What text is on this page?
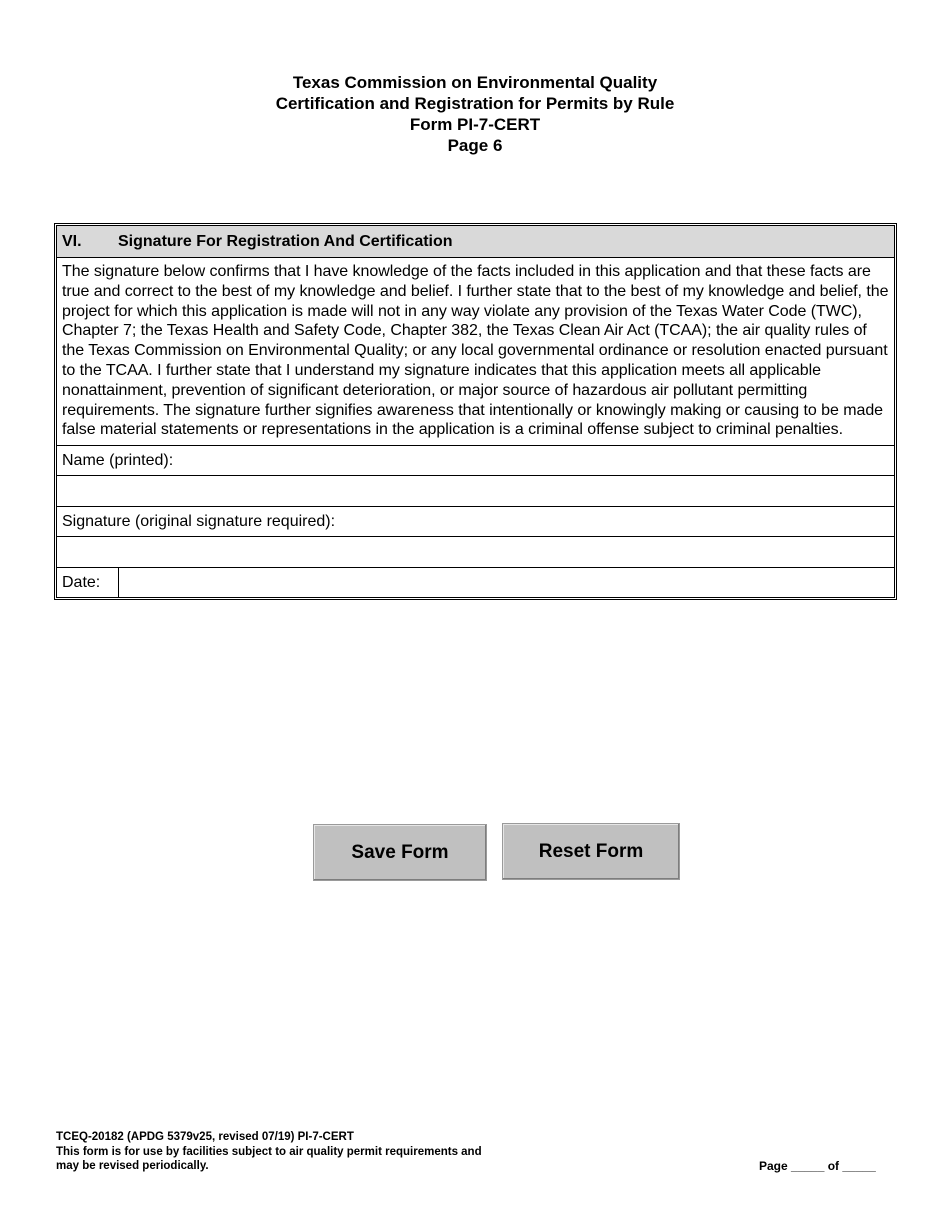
Texas Commission on Environmental Quality
Certification and Registration for Permits by Rule
Form PI-7-CERT
Page 6
VI.	Signature For Registration And Certification
The signature below confirms that I have knowledge of the facts included in this application and that these facts are true and correct to the best of my knowledge and belief. I further state that to the best of my knowledge and belief, the project for which this application is made will not in any way violate any provision of the Texas Water Code (TWC), Chapter 7; the Texas Health and Safety Code, Chapter 382, the Texas Clean Air Act (TCAA); the air quality rules of the Texas Commission on Environmental Quality; or any local governmental ordinance or resolution enacted pursuant to the TCAA. I further state that I understand my signature indicates that this application meets all applicable nonattainment, prevention of significant deterioration, or major source of hazardous air pollutant permitting requirements. The signature further signifies awareness that intentionally or knowingly making or causing to be made false material statements or representations in the application is a criminal offense subject to criminal penalties.
Name (printed):
Signature (original signature required):
Date:
Save Form	Reset Form
TCEQ-20182 (APDG 5379v25, revised 07/19) PI-7-CERT
This form is for use by facilities subject to air quality permit requirements and
may be revised periodically.	Page _____ of _____
